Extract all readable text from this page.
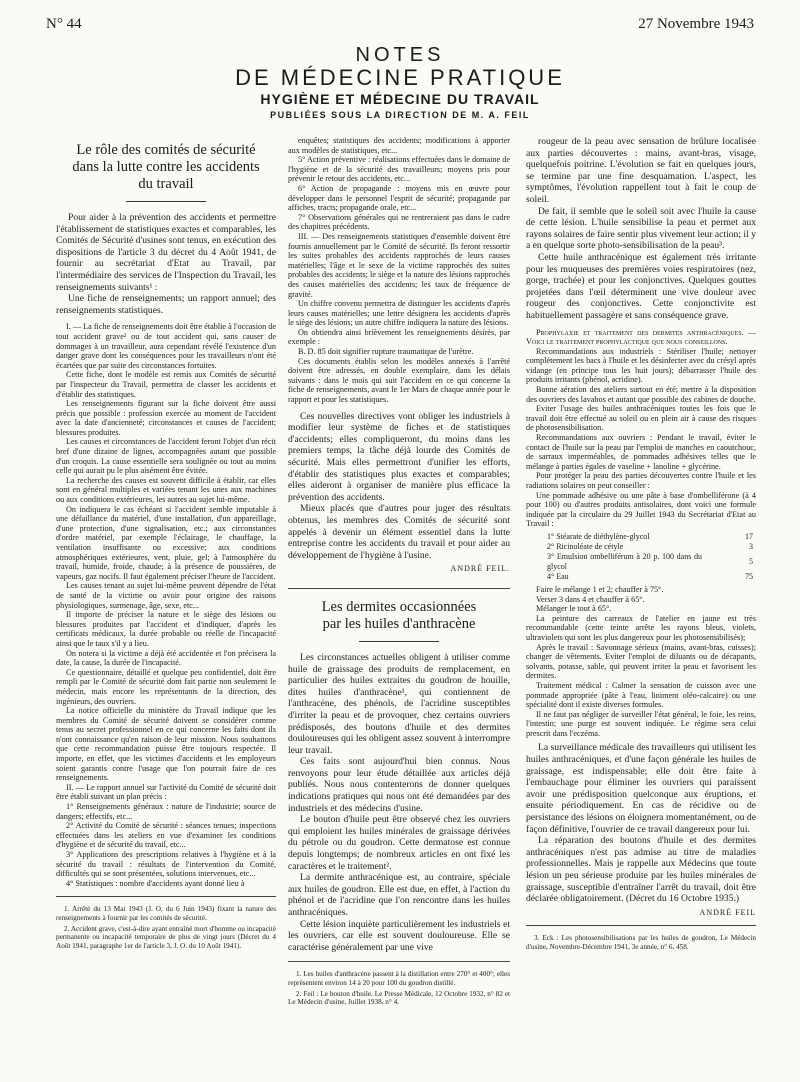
N° 44	27 Novembre 1943
NOTES
DE MÉDECINE PRATIQUE
HYGIÈNE ET MÉDECINE DU TRAVAIL
PUBLIÉES SOUS LA DIRECTION DE M. A. FEIL
Le rôle des comités de sécurité
dans la lutte contre les accidents
du travail

Pour aider à la prévention des accidents et permettre l'établissement de statistiques exactes et comparables, les Comités de Sécurité d'usines sont tenus, en exécution des dispositions de l'article 3 du décret du 4 Août 1941, de fournir au secrétariat d'Etat au Travail, par l'intermédiaire des services de l'Inspection du Travail, les renseignements suivants¹ :

Une fiche de renseignements; un rapport annuel; des renseignements statistiques.

I. — La fiche de renseignements doit être établie à l'occasion de tout accident grave² ou de tout accident qui, sans causer de dommages à un travailleur, aura cependant révélé l'existence d'un danger grave dont les conséquences pour les travailleurs n'ont été écartées que par suite des circonstances fortuites.

Cette fiche, dont le modèle est remis aux Comités de sécurité par l'inspecteur du Travail, permettra de classer les accidents et d'établir des statistiques.

Les renseignements figurant sur la fiche doivent être aussi précis que possible : profession exercée au moment de l'accident avec la date d'ancienneté; circonstances et causes de l'accident; blessures produites.

Les causes et circonstances de l'accident feront l'objet d'un récit bref d'une dizaine de lignes, accompagnées autant que possible d'un croquis. La cause essentielle sera soulignée ou tout au moins celle qui aurait pu le plus aisément être évitée.

La recherche des causes est souvent difficile à établir, car elles sont en général multiples et variées tenant les unes aux machines ou aux conditions extérieures, les autres au sujet lui-même.

On indiquera le cas échéant si l'accident semble imputable à une défaillance du matériel, d'une installation, d'un appareillage, d'une protection, d'une signalisation, etc.; aux circonstances d'ordre matériel, par exemple l'éclairage, le chauffage, la ventilation insuffisante ou excessive; aux conditions atmosphériques extérieures, vent, pluie, gel; à l'atmosphère du travail, humide, froide, chaude; à la présence de poussières, de vapeurs, gaz nocifs. Il faut également préciser l'heure de l'accident.

Les causes tenant au sujet lui-même peuvent dépendre de l'état de santé de la victime ou avoir pour origine des raisons physiologiques, surmenage, âge, sexe, etc...

Il importe de préciser la nature et le siège des lésions ou blessures produites par l'accident et d'indiquer, d'après les certificats médicaux, la durée probable ou réelle de l'incapacité ainsi que le taux s'il y a lieu.

On notera si la victime a déjà été accidentée et l'on précisera la date, la cause, la durée de l'incapacité.

Ce questionnaire, détaillé et quelque peu confidentiel, doit être rempli par le Comité de sécurité dont fait partie non seulement le médecin, mais encore les représentants de la direction, des ingénieurs, des ouvriers.

La notice officielle du ministère du Travail indique que les membres du Comité de sécurité doivent se considérer comme tenus au secret professionnel en ce qui concerne les faits dont ils n'ont connaissance qu'en raison de leur mission. Nous souhaitons que cette recommandation puisse être toujours respectée. Il importe, en effet, que les victimes d'accidents et les employeurs soient garantis contre l'usage que l'on pourrait faire de ces renseignements.

II. — Le rapport annuel sur l'activité du Comité de sécurité doit être établi suivant un plan précis :

1° Renseignements généraux : nature de l'industrie; source de dangers; effectifs, etc...

2° Activité du Comité de sécurité : séances tenues; inspections effectuées dans les ateliers en vue d'examiner les conditions d'hygiène et de sécurité du travail, etc...

3° Applications des prescriptions relatives à l'hygiène et à la sécurité du travail : résultats de l'intervention du Comité, difficultés qui se sont présentées, solutions intervenues, etc...

4° Statistiques : nombre d'accidents ayant donné lieu à

1. Arrêté du 13 Mai 1943 (J. O. du 6 Juin 1943) fixant la nature des renseignements à fournir par les comités de sécurité.

2. Accident grave, c'est-à-dire ayant entraîné mort d'homme ou incapacité permanente ou incapacité temporaire de plus de vingt jours (Décret du 4 Août 1941, paragraphe 1er de l'article 3, J. O. du 10 Août 1941).

enquêtes; statistiques des accidents; modifications à apporter aux modèles de statistiques, etc...

5° Action préventive : réalisations effectuées dans le domaine de l'hygiène et de la sécurité des travailleurs; moyens pris pour prévenir le retour des accidents, etc...

6° Action de propagande : moyens mis en œuvre pour développer dans le personnel l'esprit de sécurité; propagande par affiches, tracts; propagande orale, etc...

7° Observations générales qui ne rentreraient pas dans le cadre des chapitres précédents.

III. — Des renseignements statistiques d'ensemble doivent être fournis annuellement par le Comité de sécurité. Ils feront ressortir les suites probables des accidents rapprochés de leurs causes matérielles; l'âge et le sexe de la victime rapprochés des suites probables des accidents; le siège et la nature des lésions rapprochés des causes matérielles des accidents; les taux de fréquence de gravité.

Un chiffre convenu permettra de distinguer les accidents d'après leurs causes matérielles; une lettre désignera les accidents d'après le siège des lésions; un autre chiffre indiquera la nature des lésions.

On obtiendra ainsi brièvement les renseignements désirés, par exemple :

B. D. 85 doit signifier rupture traumatique de l'urètre.

Ces documents établis selon les modèles annexés à l'arrêté doivent être adressés, en double exemplaire, dans les délais suivants : dans le mois qui suit l'accident en ce qui concerne la fiche de renseignements, avant le 1er Mars de chaque année pour le rapport et pour les statistiques.

Ces nouvelles directives vont obliger les industriels à modifier leur système de fiches et de statistiques d'accidents; elles compliqueront, du moins dans les premiers temps, la tâche déjà lourde des Comités de sécurité. Mais elles permettront d'unifier les efforts, d'établir des statistiques plus exactes et comparables; elles aideront à organiser de manière plus efficace la prévention des accidents.

Mieux placés que d'autres pour juger des résultats obtenus, les membres des Comités de sécurité sont appelés à devenir un élément essentiel dans la lutte entreprise contre les accidents du travail et pour aider au développement de l'hygiène à l'usine.

ANDRÉ FEIL.
Les dermites occasionnées
par les huiles d'anthracène

Les circonstances actuelles obligent à utiliser comme huile de graissage des produits de remplacement, en particulier des huiles extraites du goudron de houille, dites huiles d'anthracène¹, qui contiennent de l'anthracène, des phénols, de l'acridine susceptibles d'irriter la peau et de provoquer, chez certains ouvriers prédisposés, des boutons d'huile et des dermites douloureuses qui les obligent assez souvent à interrompre leur travail.

Ces faits sont aujourd'hui bien connus. Nous renvoyons pour leur étude détaillée aux articles déjà publiés. Nous nous contenterons de donner quelques indications pratiques qui nous ont été demandées par des industriels et des médecins d'usine.

Le bouton d'huile peut être observé chez les ouvriers qui emploient les huiles minérales de graissage dérivées du pétrole ou du goudron. Cette dermatose est connue depuis longtemps; de nombreux articles en ont fixé les caractères et le traitement².

La dermite anthracénique est, au contraire, spéciale aux huiles de goudron. Elle est due, en effet, à l'action du phénol et de l'acridine que l'on rencontre dans les huiles anthracéniques.

Cette lésion inquiète particulièrement les industriels et les ouvriers, car elle est souvent douloureuse. Elle se caractérise généralement par une vive

1. Les huiles d'anthracène passent à la distillation entre 270° et 400°; elles représentent environ 14 à 20 pour 100 du goudron distillé.

2. Feil : Le bouton d'huile. Le Presse Médicale, 12 Octobre 1932, n° 82 et Le Médecin d'usine, Juillet 1938, n° 4.

rougeur de la peau avec sensation de brûlure localisée aux parties découvertes : mains, avant-bras, visage, quelquefois poitrine. L'évolution se fait en quelques jours, se termine par une fine desquamation. L'aspect, les symptômes, l'évolution rappellent tout à fait le coup de soleil.

De fait, il semble que le soleil soit avec l'huile la cause de cette lésion. L'huile sensibilise la peau et permet aux rayons solaires de faire sentir plus vivement leur action; il y a en quelque sorte photo-sensibilisation de la peau³.

Cette huile anthracénique est également très irritante pour les muqueuses des premières voies respiratoires (nez, gorge, trachée) et pour les conjonctives. Quelques gouttes projetées dans l'œil déterminent une vive douleur avec rougeur des conjonctives. Cette conjonctivite est habituellement passagère et sans conséquence grave.

Prophylaxie et traitement des dermites anthracéniques. — Voici le traitement prophylactique que nous conseillons.

Recommandations aux industriels : Stériliser l'huile; nettoyer complètement les bacs à l'huile et les désinfecter avec du crésyl après vidange (en principe tous les huit jours); débarrasser l'huile des produits irritants (phénol, acridine).

Bonne aération des ateliers surtout en été; mettre à la disposition des ouvriers des lavabos et autant que possible des cabines de douche.

Eviter l'usage des huiles anthracéniques toutes les fois que le travail doit être effectué au soleil ou en plein air à cause des risques de photosensibilisation.

Recommandations aux ouvriers : Pendant le travail, éviter le contact de l'huile sur la peau par l'emploi de manches en caoutchouc, de sarraux imperméables, de pommades adhésives telles que le mélange à parties égales de vaseline + lanoline + glycérine.

Pour protéger la peau des parties découvertes contre l'huile et les radiations solaires on peut conseiller :

Une pommade adhésive ou une pâte à base d'ombelliférone (à 4 pour 100) ou d'autres produits antisolaires, dont voici une formule indiquée par la circulaire du 29 Juillet 1943 du Secrétariat d'Etat au Travail :

1° Stéarate de diéthylène-glycol	17
2° Ricinoléate de cétyle	3
3° Emulsion ombelliférum à 20 p. 100 dans du glycol	5
4° Eau	75

Faire le mélange 1 et 2; chauffer à 75°.

Verser 3 dans 4 et chauffer à 65°.

Mélanger le tout à 65°.

La peinture des carreaux de l'atelier en jaune est très recommandable (cette teinte arrête les rayons bleus, violets, ultraviolets qui sont les plus dangereux pour les photosensibilisés);

Après le travail : Savonnage sérieux (mains, avant-bras, cuisses); changer de vêtements. Eviter l'emploi de diluants ou de décapants, solvants, potasse, sable, qui peuvent irriter la peau et favorisent les dermites.

Traitement médical : Calmer la sensation de cuisson avec une pommade appropriée (pâte à l'eau, liniment oléo-calcaire) ou une spécialité dont il existe diverses formules.

Il ne faut pas négliger de surveiller l'état général, le foie, les reins, l'intestin; une purge est souvent indiquée. Le régime sera celui prescrit dans l'eczéma.

La surveillance médicale des travailleurs qui utilisent les huiles anthracéniques, et d'une façon générale les huiles de graissage, est indispensable; elle doit être faite à l'embauchage pour éliminer les ouvriers qui paraissent avoir une prédisposition quelconque aux éruptions, et ensuite périodiquement. En cas de récidive ou de persistance des lésions on éloignera momentanément, ou de façon définitive, l'ouvrier de ce travail dangereux pour lui.

La réparation des boutons d'huile et des dermites anthracéniques n'est pas admise au titre de maladies professionnelles. Mais je rappelle aux Médecins que toute lésion un peu sérieuse produite par les huiles minérales de graissage, susceptible d'entraîner l'arrêt du travail, doit être déclarée obligatoirement. (Décret du 16 Octobre 1935.)

ANDRÉ FEIL

3. Eck : Les photosensibilisations par les huiles de goudron, Le Médecin d'usine, Novembre-Décembre 1941, 3e année, n° 6, 458.
